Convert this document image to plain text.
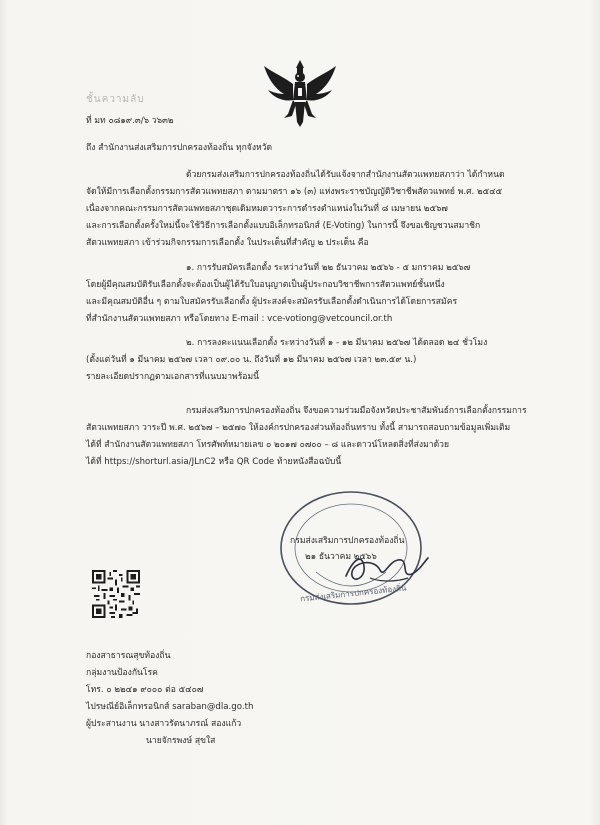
ชั้นความลับ
ที่ มท ๐๘๑๙.๓/๖ ว๖๓๒
ถึง สำนักงานส่งเสริมการปกครองท้องถิ่น ทุกจังหวัด
ด้วยกรมส่งเสริมการปกครองท้องถิ่นได้รับแจ้งจากสำนักงานสัตวแพทยสภาว่า ได้กำหนด
จัดให้มีการเลือกตั้งกรรมการสัตวแพทยสภา ตามมาตรา ๑๖ (๓) แห่งพระราชบัญญัติวิชาชีพสัตวแพทย์ พ.ศ. ๒๕๔๕
เนื่องจากคณะกรรมการสัตวแพทยสภาชุดเดิมหมดวาระการดำรงตำแหน่งในวันที่ ๘ เมษายน ๒๕๖๗
และการเลือกตั้งครั้งใหม่นี้จะใช้วิธีการเลือกตั้งแบบอิเล็กทรอนิกส์ (E-Voting) ในการนี้ จึงขอเชิญชวนสมาชิก
สัตวแพทยสภา เข้าร่วมกิจกรรมการเลือกตั้ง ในประเด็นที่สำคัญ ๒ ประเด็น คือ
๑. การรับสมัครเลือกตั้ง ระหว่างวันที่ ๒๒ ธันวาคม ๒๕๖๖ - ๕ มกราคม ๒๕๖๗
โดยผู้มีคุณสมบัติรับเลือกตั้งจะต้องเป็นผู้ได้รับใบอนุญาตเป็นผู้ประกอบวิชาชีพการสัตวแพทย์ชั้นหนึ่ง
และมีคุณสมบัติอื่น ๆ ตามใบสมัครรับเลือกตั้ง ผู้ประสงค์จะสมัครรับเลือกตั้งดำเนินการได้โดยการสมัคร
ที่สำนักงานสัตวแพทยสภา หรือโดยทาง E-mail : vce-votiong@vetcouncil.or.th
๒. การลงคะแนนเลือกตั้ง ระหว่างวันที่ ๑ - ๑๒ มีนาคม ๒๕๖๗ ได้ตลอด ๒๔ ชั่วโมง
(ตั้งแต่วันที่ ๑ มีนาคม ๒๕๖๗ เวลา ๐๙.๐๐ น. ถึงวันที่ ๑๒ มีนาคม ๒๕๖๗ เวลา ๒๓.๕๙ น.)
รายละเอียดปรากฏตามเอกสารที่แนบมาพร้อมนี้
กรมส่งเสริมการปกครองท้องถิ่น จึงขอความร่วมมือจังหวัดประชาสัมพันธ์การเลือกตั้งกรรมการ
สัตวแพทยสภา วาระปี พ.ศ. ๒๕๖๗ – ๒๕๗๐ ให้องค์กรปกครองส่วนท้องถิ่นทราบ ทั้งนี้ สามารถสอบถามข้อมูลเพิ่มเติม
ได้ที่ สำนักงานสัตวแพทยสภา โทรศัพท์หมายเลข ๐ ๒๐๑๗ ๐๗๐๐ – ๘ และดาวน์โหลดสิ่งที่ส่งมาด้วย
ได้ที่ https://shorturl.asia/JLnC2 หรือ QR Code ท้ายหนังสือฉบับนี้
กรมส่งเสริมการปกครองท้องถิ่น
๒๑ ธันวาคม ๒๕๖๖
กรมส่งเสริมการปกครองท้องถิ่น
กองสาธารณสุขท้องถิ่น
กลุ่มงานป้องกันโรค
โทร. ๐ ๒๒๔๑ ๙๐๐๐ ต่อ ๕๔๐๗
ไปรษณีย์อิเล็กทรอนิกส์ saraban@dla.go.th
ผู้ประสานงาน นางสาวรัตนาภรณ์ สองแก้ว
นายจักรพงษ์ สุขใส
